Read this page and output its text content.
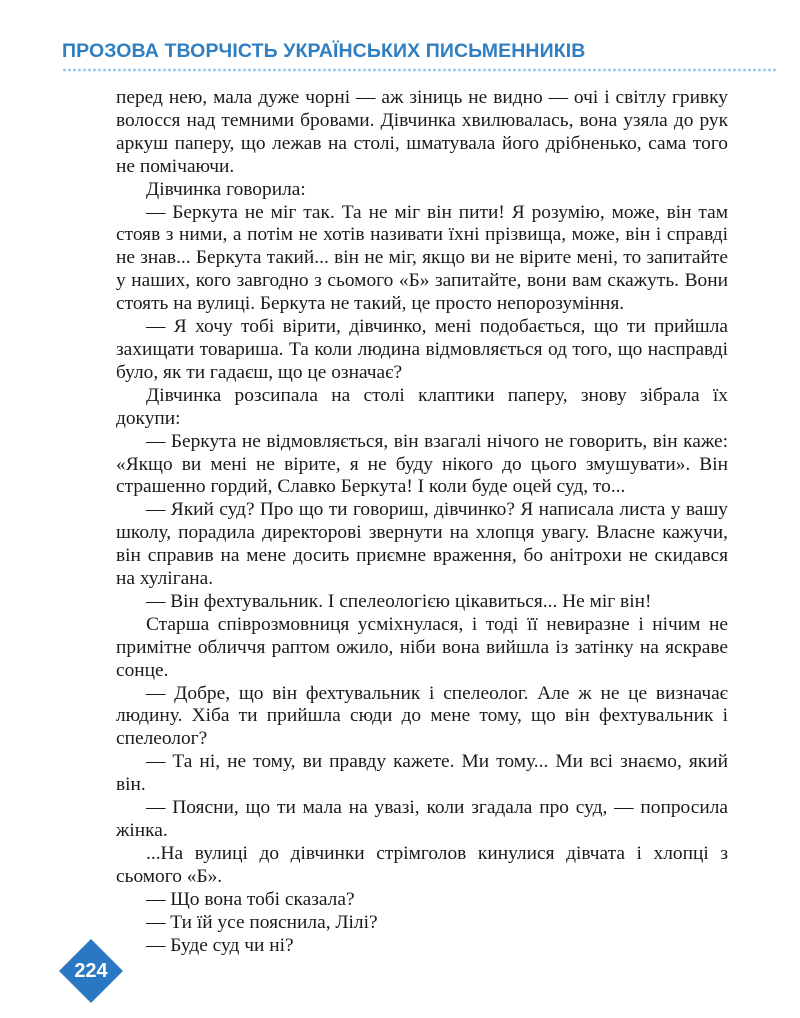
ПРОЗОВА ТВОРЧІСТЬ УКРАЇНСЬКИХ ПИСЬМЕННИКІВ

перед нею, мала дуже чорні — аж зіниць не видно — очі і світлу гривку волосся над темними бровами. Дівчинка хвилювалась, вона узяла до рук аркуш паперу, що лежав на столі, шматувала його дрібненько, сама того не помічаючи.

Дівчинка говорила:

— Беркута не міг так. Та не міг він пити! Я розумію, може, він там стояв з ними, а потім не хотів називати їхні прізвища, може, він і справді не знав... Беркута такий... він не міг, якщо ви не вірите мені, то запитайте у наших, кого завгодно з сьомого «Б» запитайте, вони вам скажуть. Вони стоять на вулиці. Беркута не такий, це просто непорозуміння.

— Я хочу тобі вірити, дівчинко, мені подобається, що ти прийшла захищати товариша. Та коли людина відмовляється од того, що насправді було, як ти гадаєш, що це означає?

Дівчинка розсипала на столі клаптики паперу, знову зібрала їх докупи:

— Беркута не відмовляється, він взагалі нічого не говорить, він каже: «Якщо ви мені не вірите, я не буду нікого до цього змушувати». Він страшенно гордий, Славко Беркута! І коли буде оцей суд, то...

— Який суд? Про що ти говориш, дівчинко? Я написала листа у вашу школу, порадила директорові звернути на хлопця увагу. Власне кажучи, він справив на мене досить приємне враження, бо анітрохи не скидався на хулігана.

— Він фехтувальник. І спелеологією цікавиться... Не міг він!

Старша співрозмовниця усміхнулася, і тоді її невиразне і нічим не примітне обличчя раптом ожило, ніби вона вийшла із затінку на яскраве сонце.

— Добре, що він фехтувальник і спелеолог. Але ж не це визначає людину. Хіба ти прийшла сюди до мене тому, що він фехтувальник і спелеолог?

— Та ні, не тому, ви правду кажете. Ми тому... Ми всі знаємо, який він.

— Поясни, що ти мала на увазі, коли згадала про суд, — попросила жінка.

...На вулиці до дівчинки стрімголов кинулися дівчата і хлопці з сьомого «Б».

— Що вона тобі сказала?

— Ти їй усе пояснила, Лілі?

— Буде суд чи ні?

224
